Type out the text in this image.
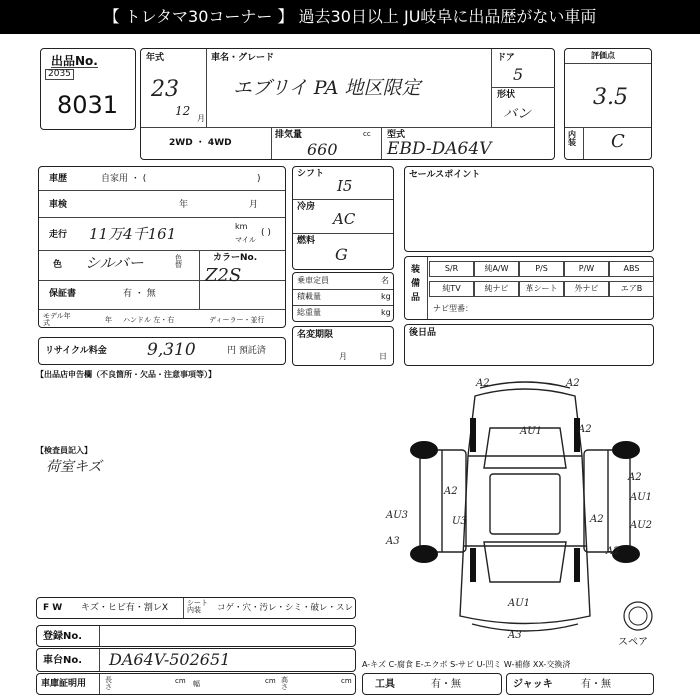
【 トレタマ30コーナー 】 過去30日以上 JU岐阜に出品歴がない車両
出品No.
2035
8031
年式
23
12
月
車名・グレード
エブリイ PA 地区限定
ドア
5
形状
バン
2WD ・ 4WD
排気量	cc
660
型式
EBD-DA64V
評価点
3.5
内装 C
車歴	自家用 ・ (	)
車検	年	月
走行 11万4千161	km
マイル
( )
色 シルバー	色替
カラーNo.
Z2S
保証書	有 ・ 無
モデル年式	年 ハンドル 左・右	ディーラー・並行
リサイクル料金 9,310	円 預託済
シフト
I5
冷房
AC
燃料
G
乗車定員	名
積載量	kg
総重量	kg
名変期限
月	日
セールスポイント
装備品
S/R	純A/W	P/S	P/W	ABS
純TV	純ナビ	革シート	外ナビ	エアB
ナビ型番：
後日品
【出品店申告欄（不良箇所・欠品・注意事項等）】
【検査員記入】
荷室キズ
A2	A2
AU1	A2
A2
A2
AU1
A2
AU2
AU3
U3
A3
A2
AU1
A3
スペア
F W キズ・ヒビ有・割レX	シート内装	コゲ・穴・汚レ・シミ・破レ・スレ
登録No.
車台No. DA64V-502651
車庫証明用	長さ
cm 幅	cm 高さ
cm
A-キズ C-腐食 E-エクボ S-サビ U-凹ミ W-補修 XX-交換済
工具	有・無	ジャッキ	有・無
